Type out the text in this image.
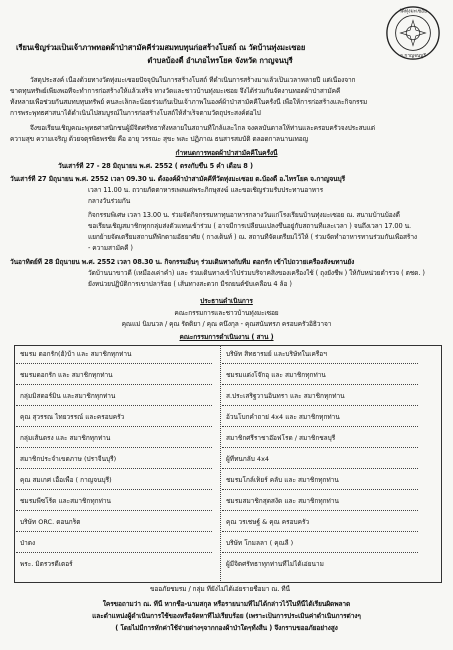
วัดทุ่งมะเซอย
จ.กาญจนบุรี
เรียนเชิญร่วมเป็นเจ้าภาพทอดผ้าป่าสามัคคีร่วมสมทบทุนก่อสร้างโบสถ์ ณ วัดบ้านทุ่งมะเซอย
ตำบลบ้องตี้ อำเภอไทรโยค จังหวัด กาญจนบุรี
วัสดุประสงค์ เนื่องด้วยทางวัดทุ่งมะเซอยปัจจุบันในการสร้างโบสถ์ ที่ดำเนินการสร้างมาแล้วเป็นเวลาหลายปี แต่เนื่องจาก
ขาดทุนทรัพย์เพียงพอที่จะทำการก่อสร้างให้แล้วเสร็จ ทางวัดและชาวบ้านทุ่งมะเซอย จึงได้ร่วมกันจัดงานทอดผ้าป่าสามัคคี
ทั้งหลายเพื่อช่วยกันสมทบทุนทรัพย์ คนละเล็กละน้อยร่วมกันเป็นเจ้าภาพในองค์ผ้าป่าสามัคคีในครั้งนี้ เพื่อให้การก่อสร้างและกิจกรรม
การพระพุทธศาสนาได้ดำเนินไปสมบูรณ์ในการก่อสร้างโบสถ์ให้สำเร็จตามวัตถุประสงค์ต่อไป
จึงขอเรียนเชิญคณะพุทธศาสนิกชนผู้มีจิตศรัทธาทั้งหลายในสถานที่ใกล้และไกล จงคลบันดาลให้ท่านและครอบครัวจงประสบแต่
ความสุข ความเจริญ ด้วยจตุรพิธพรชัย คือ อายุ วรรณะ สุขะ พละ ปฏิภาณ ธนสารสมบัติ ตลอดกาลนานเทอญ
กำหนดการทอดผ้าป่าสามัคคีในครั้งนี้
วันเสาร์ที่ 27 - 28 มิถุนายน พ.ศ. 2552 ( ตรงกับขึ้น 5 ค่ำ เดือน 8 )
วันเสาร์ที่ 27 มิถุนายน พ.ศ. 2552 เวลา 09.30 น. ตั้งองค์ผ้าป่าสามัคคีที่วัดทุ่งมะเซอย ต.บ้องตี้ อ.ไทรโยค จ.กาญจนบุรี
เวลา 11.00 น. ถวายภัตตาหารเพลแด่พระภิกษุสงฆ์ และขอเชิญร่วมรับประทานอาหาร
กลางวันร่วมกัน
กิจกรรมพิเศษ เวลา 13.00 น. ร่วมจัดกิจกรรมหาทุนอาหารกลางวันแก่โรงเรียนบ้านทุ่งมะเซอย ณ. สนามบ้านบ้องตี้
ขอเรียนเชิญสมาชิกทุกกลุ่มส่งตัวแทนเข้าร่วม ( อาจมีการเปลี่ยนแปลงขึ้นอยู่กับสถานที่และเวลา ) จนถึงเวลา 17.00 น.
แยกย้ายจัดเตรียมสถานที่พักตามอัธยาศัย ( กางเต็นท์ ) ณ. สถานที่จัดเตรียมไว้ให้ ( ร่วมจัดทำอาหารทานร่วมกันเพื่อสร้าง
- ความสามัคคี )
วันอาทิตย์ที่ 28 มิถุนายน พ.ศ. 2552 เวลา 08.30 น. กิจกรรมอื่นๆ ร่วมเดินทางกับทีม ตอกรัก เข้าไปถวายเครื่องสังฆทานยัง
วัดบ้านนาขาวดี (เหมืองเค่าคำ) และ ร่วมเดินทางเข้าไปร่วมบริจาคสิ่งของเครื่องใช้ ( ถุงยังชีพ ) ให้กับหน่วยตำรวจ ( ตชด. )
ยังหน่วยปฏิบัติการเขาปลาร้อย ( เส้นทางสะดวก มีรถยนต์ขับเคลื่อน 4 ล้อ )
ประธานดำเนินการ
คณะกรรมการและชาวบ้านทุ่งมะเซอย
คุณแม่ นิ่มนวล / คุณ รัตติยา / คุณ คนึงกุล - คุณสนันทรภ ครอบครัวอิธิวาจา
คณะกรรมการดำเนินงาน ( สาน )
ขออภัยชมรม / กลุ่ม ที่ยังไม่ได้เอ่ยรายชื่อมา ณ. ที่นี้
ใครขอถามว่า ณ. ที่นี้ หากชื่อ-นามสกุล หรือรายนามที่ไม่ได้กล่าวไว้ในที่นี้ได้เรียนผิดพลาด
และตำแหน่งผู้ดำเนินการใช้ของหรือจัดหาที่ไม่เรียบร้อย (เพราะเป็นการประเมินค่าดำเนินการต่างๆ
( โดยไม่มีการหักค่าใช้จ่ายต่างๆจากกองผ้าป่าใดๆทั้งสิ้น ) จึงกราบขออภัยอย่างสูง
ชมรม ตอกรัก(ฮ้)บ้า และ สมาชิกทุกท่าน
ชมรมดอกรัก และ สมาชิกทุกท่าน
กลุ่มมิสดอร์มิน และสมาชิกทุกท่าน
คุณ สุวรรณ ไทยวรรณ์ และครอบครัว
กลุ่มเส้นตรง และ สมาชิกทุกท่าน
สมาชิกประจำเขตภาษ (ปราจีนบุรี)
คุณ สมเกศ เอื้อเพื้อ ( กาญจนบุรี)
ชมรมพีซโร้ด และสมาชิกทุกท่าน
บริษัท ORC. ดอนกร็ต
ป่าตง
พระ. มิตรวรดีเตอร์
บริษัท สิทธารมย์ และบริษัทในเครือฯ
ชมรมแต่งโจ๊กอุ และ สมาชิกทุกท่าน
ส.ประเสริฐวานอินทรา และ สมาชิกทุกท่าน
อ้วนโบกคำถาย่ 4x4 และ สมาชิกทุกท่าน
สมาชิกศรีราชาอ๊อฟโรด / สมาชิกชลบุรี
ผู้ที่ทนกลับ 4x4
ชมรมโกล์เท็ยร์ คลับ และ สมาชิกทุกท่าน
ชมรมสมาชิกสุดสงัด และ สมาชิกทุกท่าน
คุณ วรเชษฐ์ & คุณ ครอบครัว
บริษัท โกมลลา ( คุณลี )
ผู้มีจิตศรัทธาทุกท่านที่ไม่ได้เอ่ยนาม
